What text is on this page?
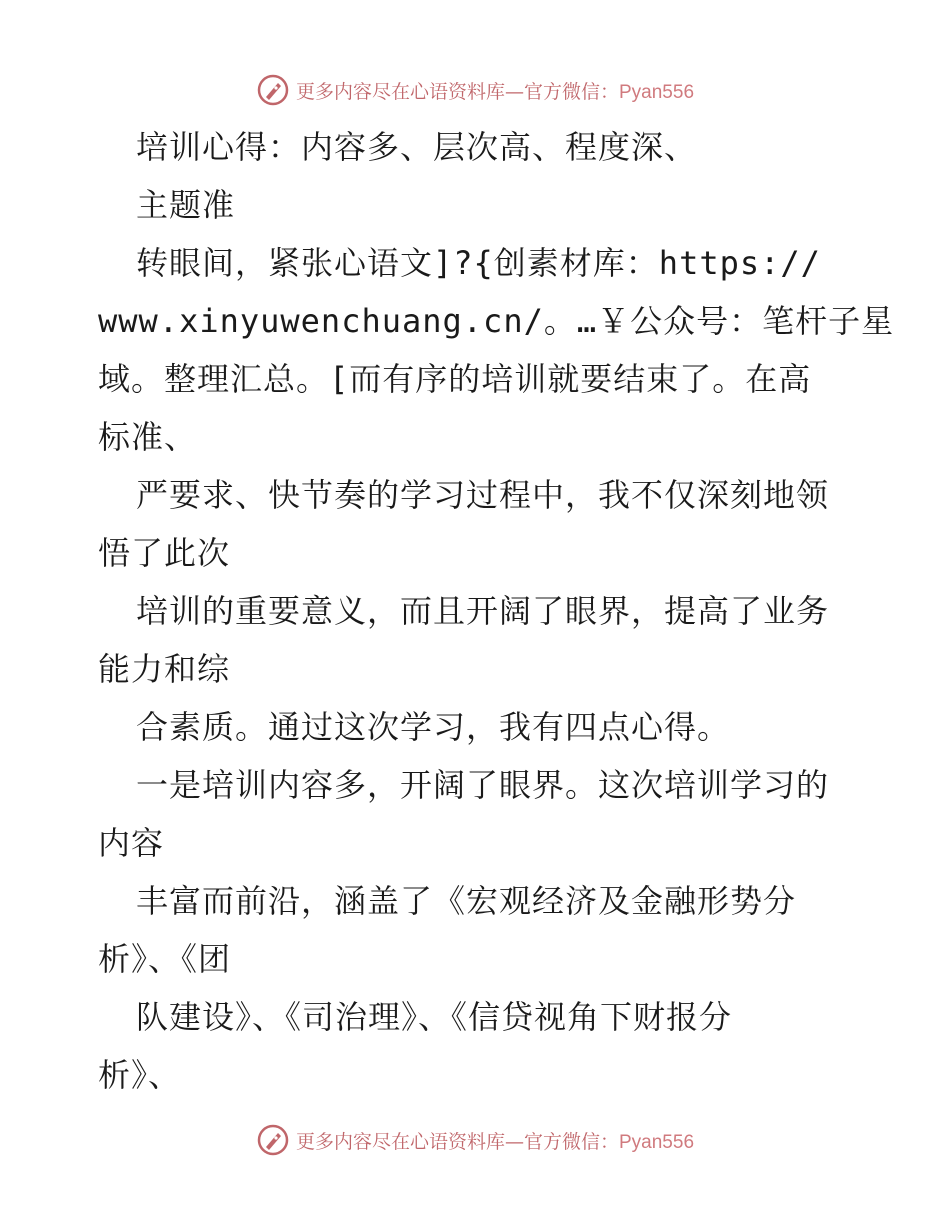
更多内容尽在心语资料库—官方微信：Pyan556
培训心得：内容多、层次高、程度深、
主题准
转眼间，紧张心语文]?{创素材库：https://
www.xinyuwenchuang.cn/。…￥公众号：笔杆子星
域。整理汇总。[而有序的培训就要结束了。在高
标准、
严要求、快节奏的学习过程中，我不仅深刻地领
悟了此次
培训的重要意义，而且开阔了眼界，提高了业务
能力和综
合素质。通过这次学习，我有四点心得。
一是培训内容多，开阔了眼界。这次培训学习的
内容
丰富而前沿，涵盖了《宏观经济及金融形势分
析》、《团
队建设》、《司治理》、《信贷视角下财报分
析》、
更多内容尽在心语资料库—官方微信：Pyan556
